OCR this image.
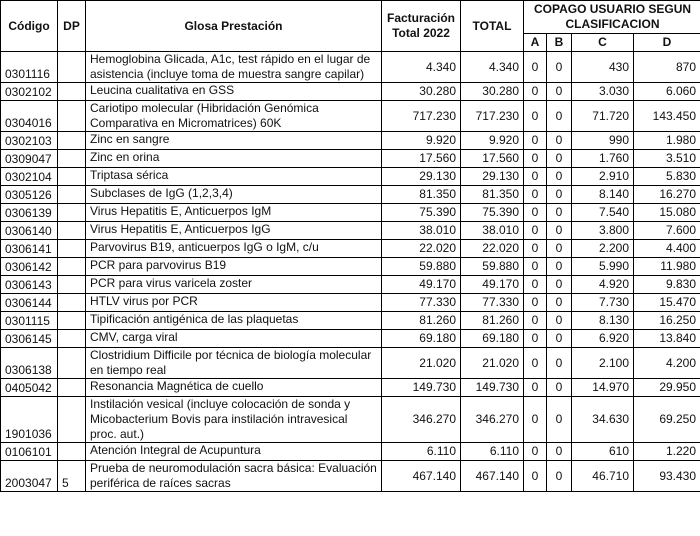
Código	DP	Glosa Prestación	Facturación Total 2022	TOTAL	COPAGO USUARIO SEGUN CLASIFICACION			
					A	B	C	D
0301116		Hemoglobina Glicada, A1c, test rápido en el lugar de asistencia (incluye toma de muestra sangre capilar)	4.340	4.340	0	0	430	870
0302102		Leucina cualitativa en GSS	30.280	30.280	0	0	3.030	6.060
0304016		Cariotipo molecular (Hibridación Genómica Comparativa en Micromatrices) 60K	717.230	717.230	0	0	71.720	143.450
0302103		Zinc en sangre	9.920	9.920	0	0	990	1.980
0309047		Zinc en orina	17.560	17.560	0	0	1.760	3.510
0302104		Triptasa sérica	29.130	29.130	0	0	2.910	5.830
0305126		Subclases de IgG (1,2,3,4)	81.350	81.350	0	0	8.140	16.270
0306139		Virus Hepatitis E, Anticuerpos IgM	75.390	75.390	0	0	7.540	15.080
0306140		Virus Hepatitis E, Anticuerpos IgG	38.010	38.010	0	0	3.800	7.600
0306141		Parvovirus B19, anticuerpos IgG o IgM, c/u	22.020	22.020	0	0	2.200	4.400
0306142		PCR para parvovirus B19	59.880	59.880	0	0	5.990	11.980
0306143		PCR para virus varicela zoster	49.170	49.170	0	0	4.920	9.830
0306144		HTLV virus por PCR	77.330	77.330	0	0	7.730	15.470
0301115		Tipificación antigénica de las plaquetas	81.260	81.260	0	0	8.130	16.250
0306145		CMV, carga viral	69.180	69.180	0	0	6.920	13.840
0306138		Clostridium Difficile por técnica de biología molecular en tiempo real	21.020	21.020	0	0	2.100	4.200
0405042		Resonancia Magnética de cuello	149.730	149.730	0	0	14.970	29.950
1901036		Instilación vesical (incluye colocación de sonda y Micobacterium Bovis para instilación intravesical proc. aut.)	346.270	346.270	0	0	34.630	69.250
0106101		Atención Integral de Acupuntura	6.110	6.110	0	0	610	1.220
2003047	5	Prueba de neuromodulación sacra básica: Evaluación periférica de raíces sacras	467.140	467.140	0	0	46.710	93.430
